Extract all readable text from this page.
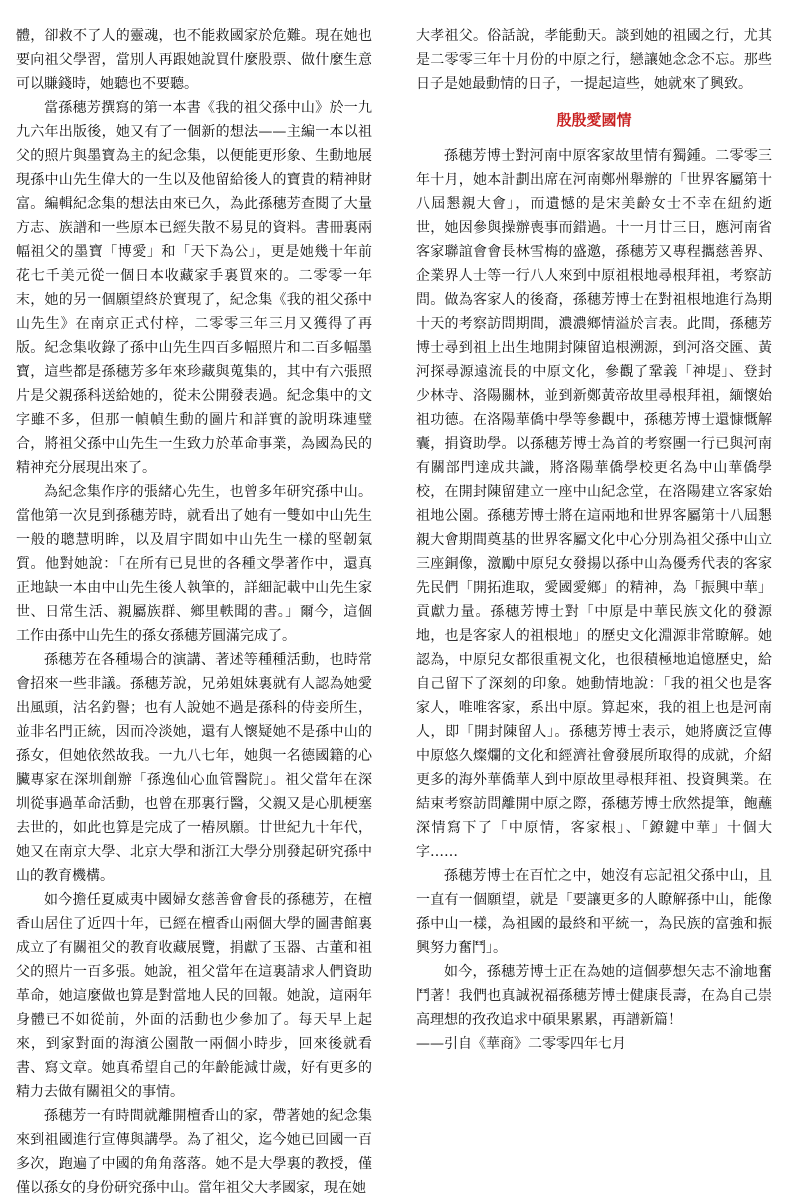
體，卻救不了人的靈魂，也不能救國家於危難。現在她也要向祖父學習，當別人再跟她說買什麼股票、做什麼生意可以賺錢時，她聽也不要聽。

當孫穗芳撰寫的第一本書《我的祖父孫中山》於一九九六年出版後，她又有了一個新的想法——主編一本以祖父的照片與墨寶為主的紀念集，以便能更形象、生動地展現孫中山先生偉大的一生以及他留給後人的寶貴的精神財富。編輯紀念集的想法由來已久，為此孫穗芳查閱了大量方志、族譜和一些原本已經失散不易見的資料。書冊裏兩幅祖父的墨寶「博愛」和「天下為公」，更是她幾十年前花七千美元從一個日本收藏家手裏買來的。二零零一年末，她的另一個願望終於實現了，紀念集《我的祖父孫中山先生》在南京正式付梓，二零零三年三月又獲得了再版。紀念集收錄了孫中山先生四百多幅照片和二百多幅墨寶，這些都是孫穗芳多年來珍藏與蒐集的，其中有六張照片是父親孫科送給她的，從未公開發表過。紀念集中的文字雖不多，但那一幀幀生動的圖片和詳實的說明珠連璧合，將祖父孫中山先生一生致力於革命事業，為國為民的精神充分展現出來了。

為紀念集作序的張緒心先生，也曾多年研究孫中山。當他第一次見到孫穗芳時，就看出了她有一雙如中山先生一般的聰慧明眸，以及眉宇間如中山先生一樣的堅韌氣質。他對她說：「在所有已見世的各種文學著作中，還真正地缺一本由中山先生後人執筆的，詳細記載中山先生家世、日常生活、親屬族群、鄉里軼聞的書。」爾今，這個工作由孫中山先生的孫女孫穗芳圓滿完成了。

孫穗芳在各種場合的演講、著述等種種活動，也時常會招來一些非議。孫穗芳說，兄弟姐妹裏就有人認為她愛出風頭，沽名釣譽；也有人說她不過是孫科的侍妾所生，並非名門正統，因而冷淡她，還有人懷疑她不是孫中山的孫女，但她依然故我。一九八七年，她與一名德國籍的心臟專家在深圳創辦「孫逸仙心血管醫院」。祖父當年在深圳從事過革命活動，也曾在那裏行醫，父親又是心肌梗塞去世的，如此也算是完成了一樁夙願。廿世紀九十年代，她又在南京大學、北京大學和浙江大學分別發起研究孫中山的教育機構。

如今擔任夏威夷中國婦女慈善會會長的孫穗芳，在檀香山居住了近四十年，已經在檀香山兩個大學的圖書館裏成立了有關祖父的教育收藏展覽，捐獻了玉器、古董和祖父的照片一百多張。她說，祖父當年在這裏請求人們資助革命，她這麼做也算是對當地人民的回報。她說，這兩年身體已不如從前，外面的活動也少參加了。每天早上起來，到家對面的海濱公園散一兩個小時步，回來後就看書、寫文章。她真希望自己的年齡能減廿歲，好有更多的精力去做有關祖父的事情。

孫穗芳一有時間就離開檀香山的家，帶著她的紀念集來到祖國進行宣傳與講學。為了祖父，迄今她已回國一百多次，跑遍了中國的角角落落。她不是大學裏的教授，僅僅以孫女的身份研究孫中山。當年祖父大孝國家，現在她

大孝祖父。俗話說，孝能動天。談到她的祖國之行，尤其是二零零三年十月份的中原之行，戀讓她念念不忘。那些日子是她最動情的日子，一提起這些，她就來了興致。

殷殷愛國情

孫穗芳博士對河南中原客家故里情有獨鍾。二零零三年十月，她本計劃出席在河南鄭州舉辦的「世界客屬第十八屆懇親大會」，而遺憾的是宋美齡女士不幸在紐約逝世，她因參與操辦喪事而錯過。十一月廿三日，應河南省客家聯誼會會長林雪梅的盛邀，孫穗芳又專程攜慈善界、企業界人士等一行八人來到中原祖根地尋根拜祖，考察訪問。做為客家人的後裔，孫穗芳博士在對祖根地進行為期十天的考察訪問期間，濃濃鄉情溢於言表。此間，孫穗芳博士尋到祖上出生地開封陳留追根溯源，到河洛交匯、黃河探尋源遠流長的中原文化，參觀了鞏義「神堤」、登封少林寺、洛陽關林，並到新鄭黃帝故里尋根拜祖，緬懷始祖功德。在洛陽華僑中學等參觀中，孫穗芳博士還慷慨解囊，捐資助學。以孫穗芳博士為首的考察團一行已與河南有關部門達成共識，將洛陽華僑學校更名為中山華僑學校，在開封陳留建立一座中山紀念堂，在洛陽建立客家始祖地公園。孫穗芳博士將在這兩地和世界客屬第十八屆懇親大會期間奠基的世界客屬文化中心分別為祖父孫中山立三座銅像，激勵中原兒女發揚以孫中山為優秀代表的客家先民們「開拓進取，愛國愛鄉」的精神，為「振興中華」貢獻力量。孫穗芳博士對「中原是中華民族文化的發源地，也是客家人的祖根地」的歷史文化淵源非常瞭解。她認為，中原兒女都很重視文化，也很積極地追憶歷史，給自己留下了深刻的印象。她動情地說：「我的祖父也是客家人，唯唯客家，系出中原。算起來，我的祖上也是河南人，即「開封陳留人」。孫穗芳博士表示，她將廣泛宣傳中原悠久燦爛的文化和經濟社會發展所取得的成就，介紹更多的海外華僑華人到中原故里尋根拜祖、投資興業。在結束考察訪問離開中原之際，孫穗芳博士欣然提筆，飽蘸深情寫下了「中原情，客家根」、「鐐鍵中華」十個大字……

孫穗芳博士在百忙之中，她沒有忘記祖父孫中山，且一直有一個願望，就是「要讓更多的人瞭解孫中山，能像孫中山一樣，為祖國的最終和平統一，為民族的富強和振興努力奮鬥」。

如今，孫穗芳博士正在為她的這個夢想矢志不渝地奮鬥著！我們也真誠祝福孫穗芳博士健康長壽，在為自己崇高理想的孜孜追求中碩果累累，再譜新篇！

——引自《華商》二零零四年七月
